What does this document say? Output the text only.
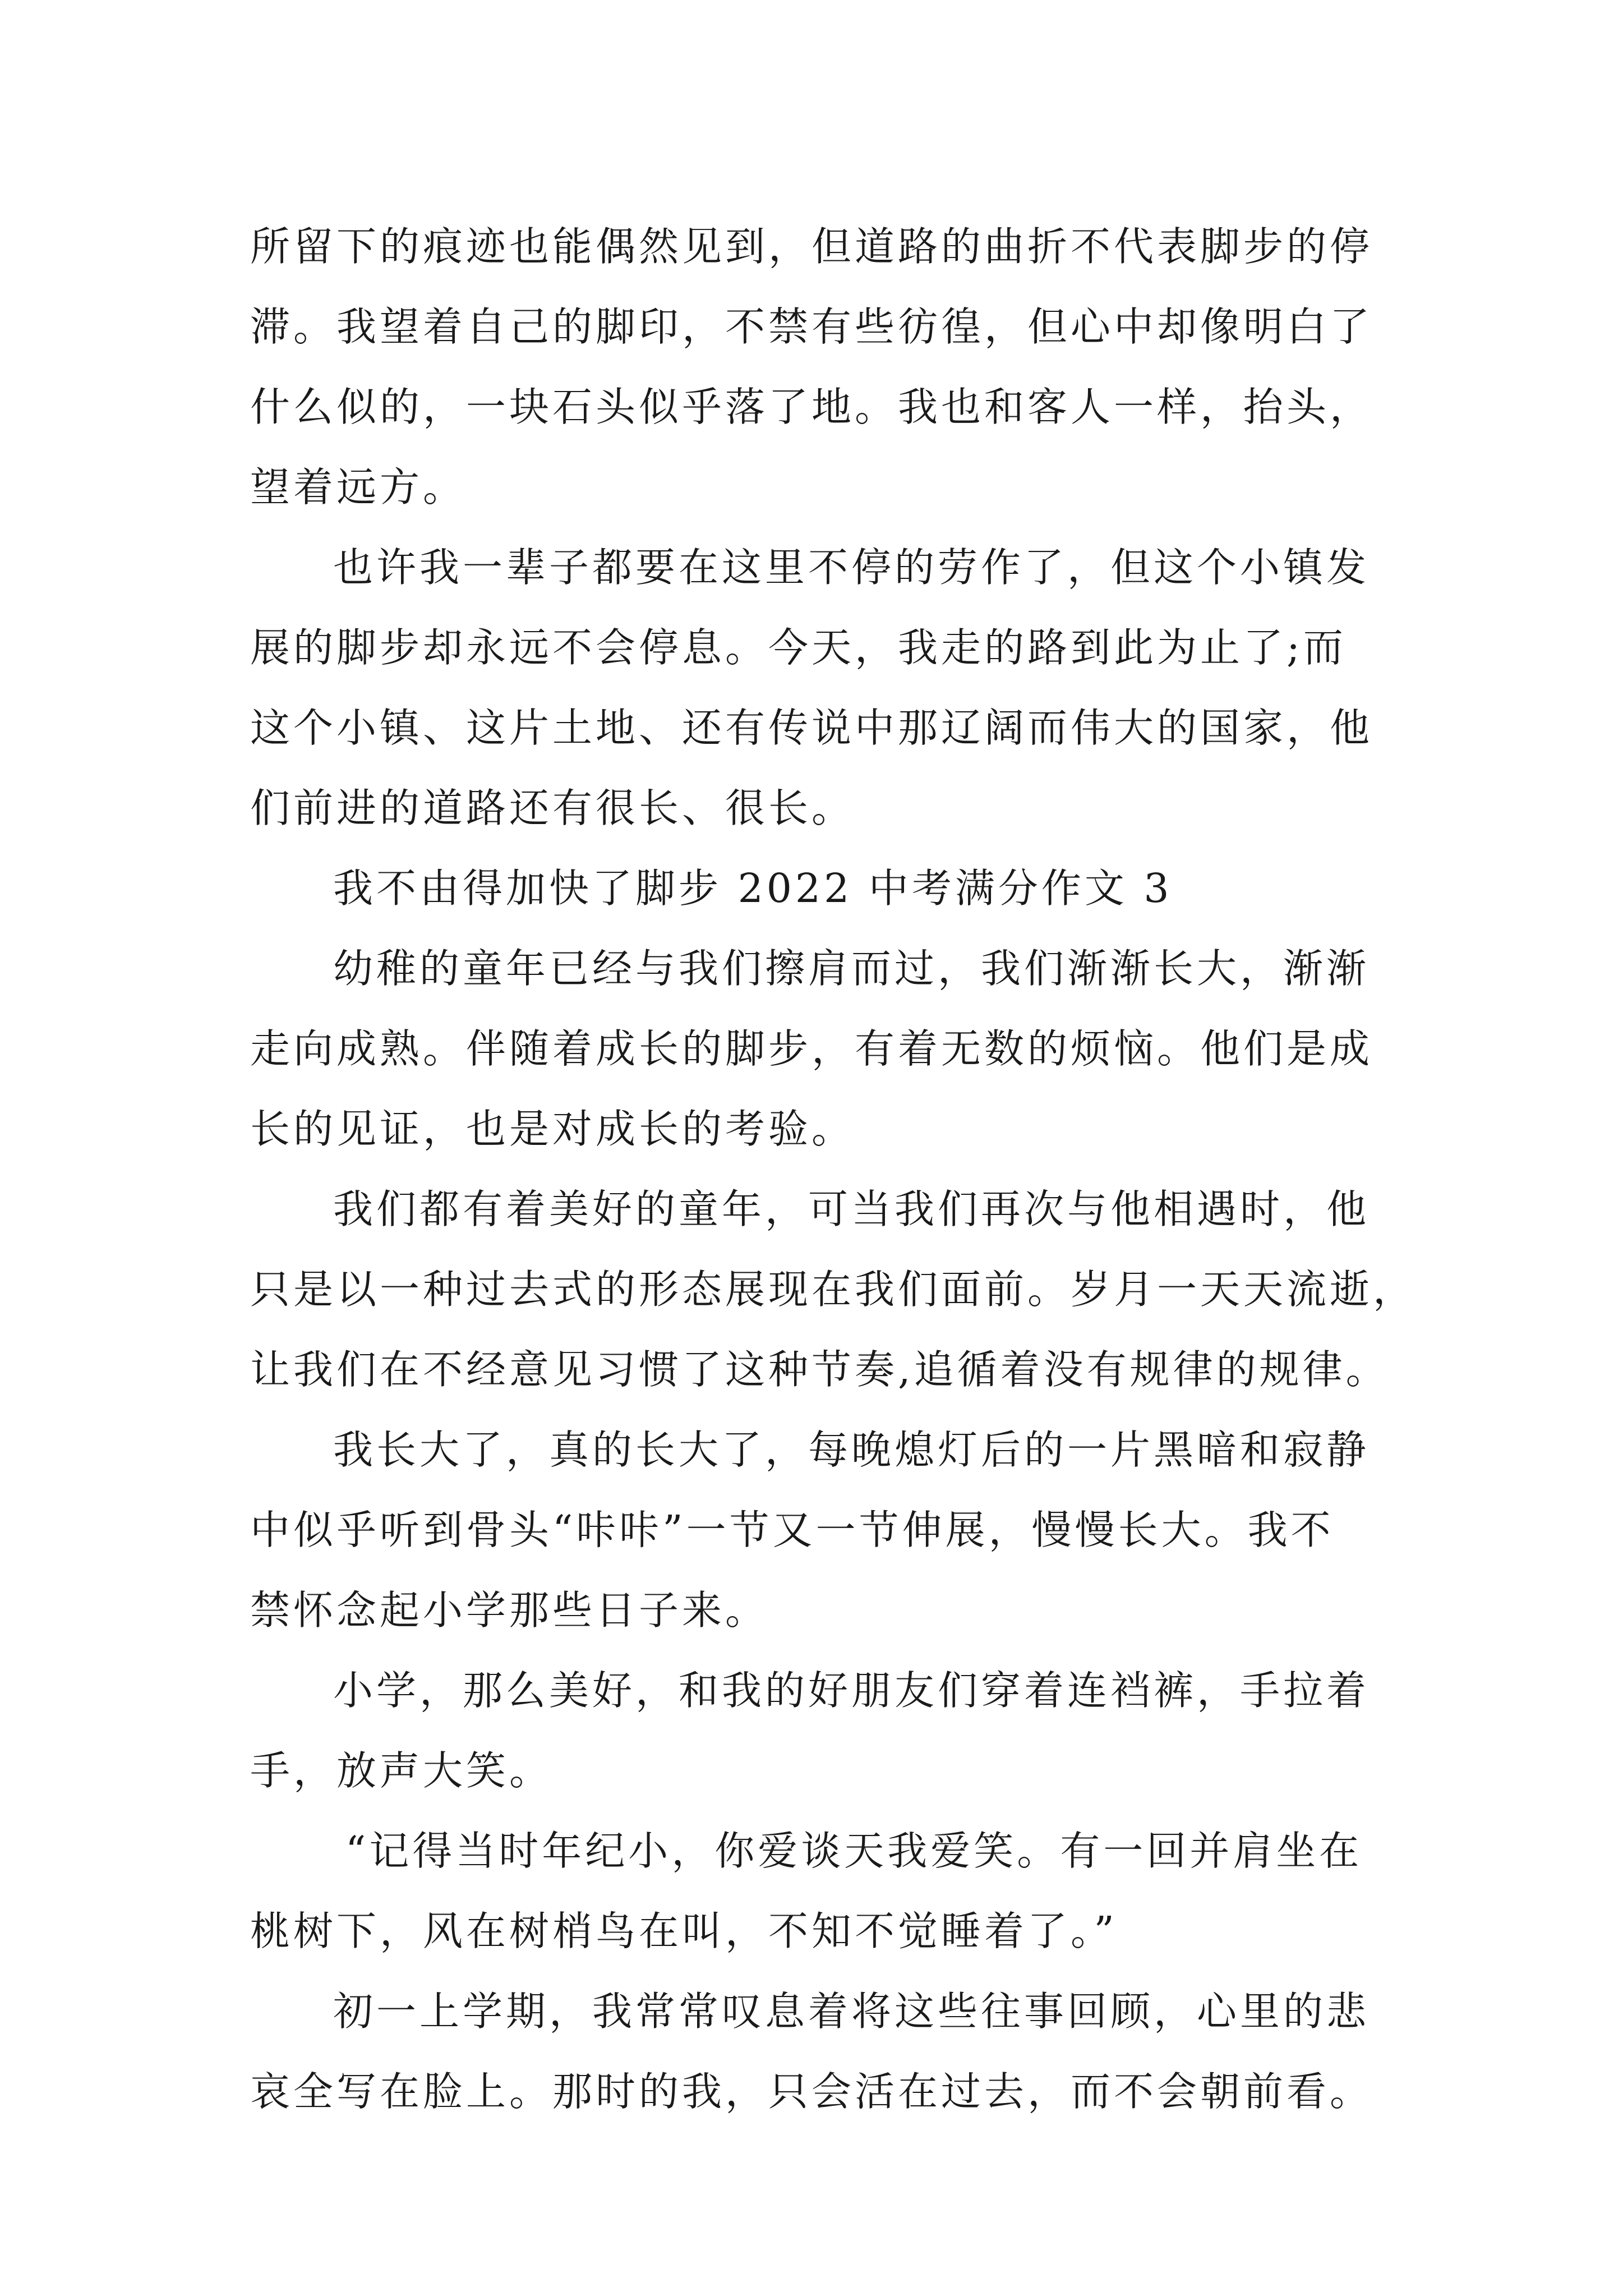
所留下的痕迹也能偶然见到，但道路的曲折不代表脚步的停
滞。我望着自己的脚印，不禁有些彷徨，但心中却像明白了
什么似的，一块石头似乎落了地。我也和客人一样，抬头，
望着远方。
也许我一辈子都要在这里不停的劳作了，但这个小镇发
展的脚步却永远不会停息。今天，我走的路到此为止了;而
这个小镇、这片土地、还有传说中那辽阔而伟大的国家，他
们前进的道路还有很长、很长。
我不由得加快了脚步 2022 中考满分作文 3
幼稚的童年已经与我们擦肩而过，我们渐渐长大，渐渐
走向成熟。伴随着成长的脚步，有着无数的烦恼。他们是成
长的见证，也是对成长的考验。
我们都有着美好的童年，可当我们再次与他相遇时，他
只是以一种过去式的形态展现在我们面前。岁月一天天流逝，
让我们在不经意见习惯了这种节奏,追循着没有规律的规律。
我长大了，真的长大了，每晚熄灯后的一片黑暗和寂静
中似乎听到骨头“咔咔”一节又一节伸展，慢慢长大。我不
禁怀念起小学那些日子来。
小学，那么美好，和我的好朋友们穿着连裆裤，手拉着
手，放声大笑。
“记得当时年纪小，你爱谈天我爱笑。有一回并肩坐在
桃树下，风在树梢鸟在叫，不知不觉睡着了。”
初一上学期，我常常叹息着将这些往事回顾，心里的悲
哀全写在脸上。那时的我，只会活在过去，而不会朝前看。
